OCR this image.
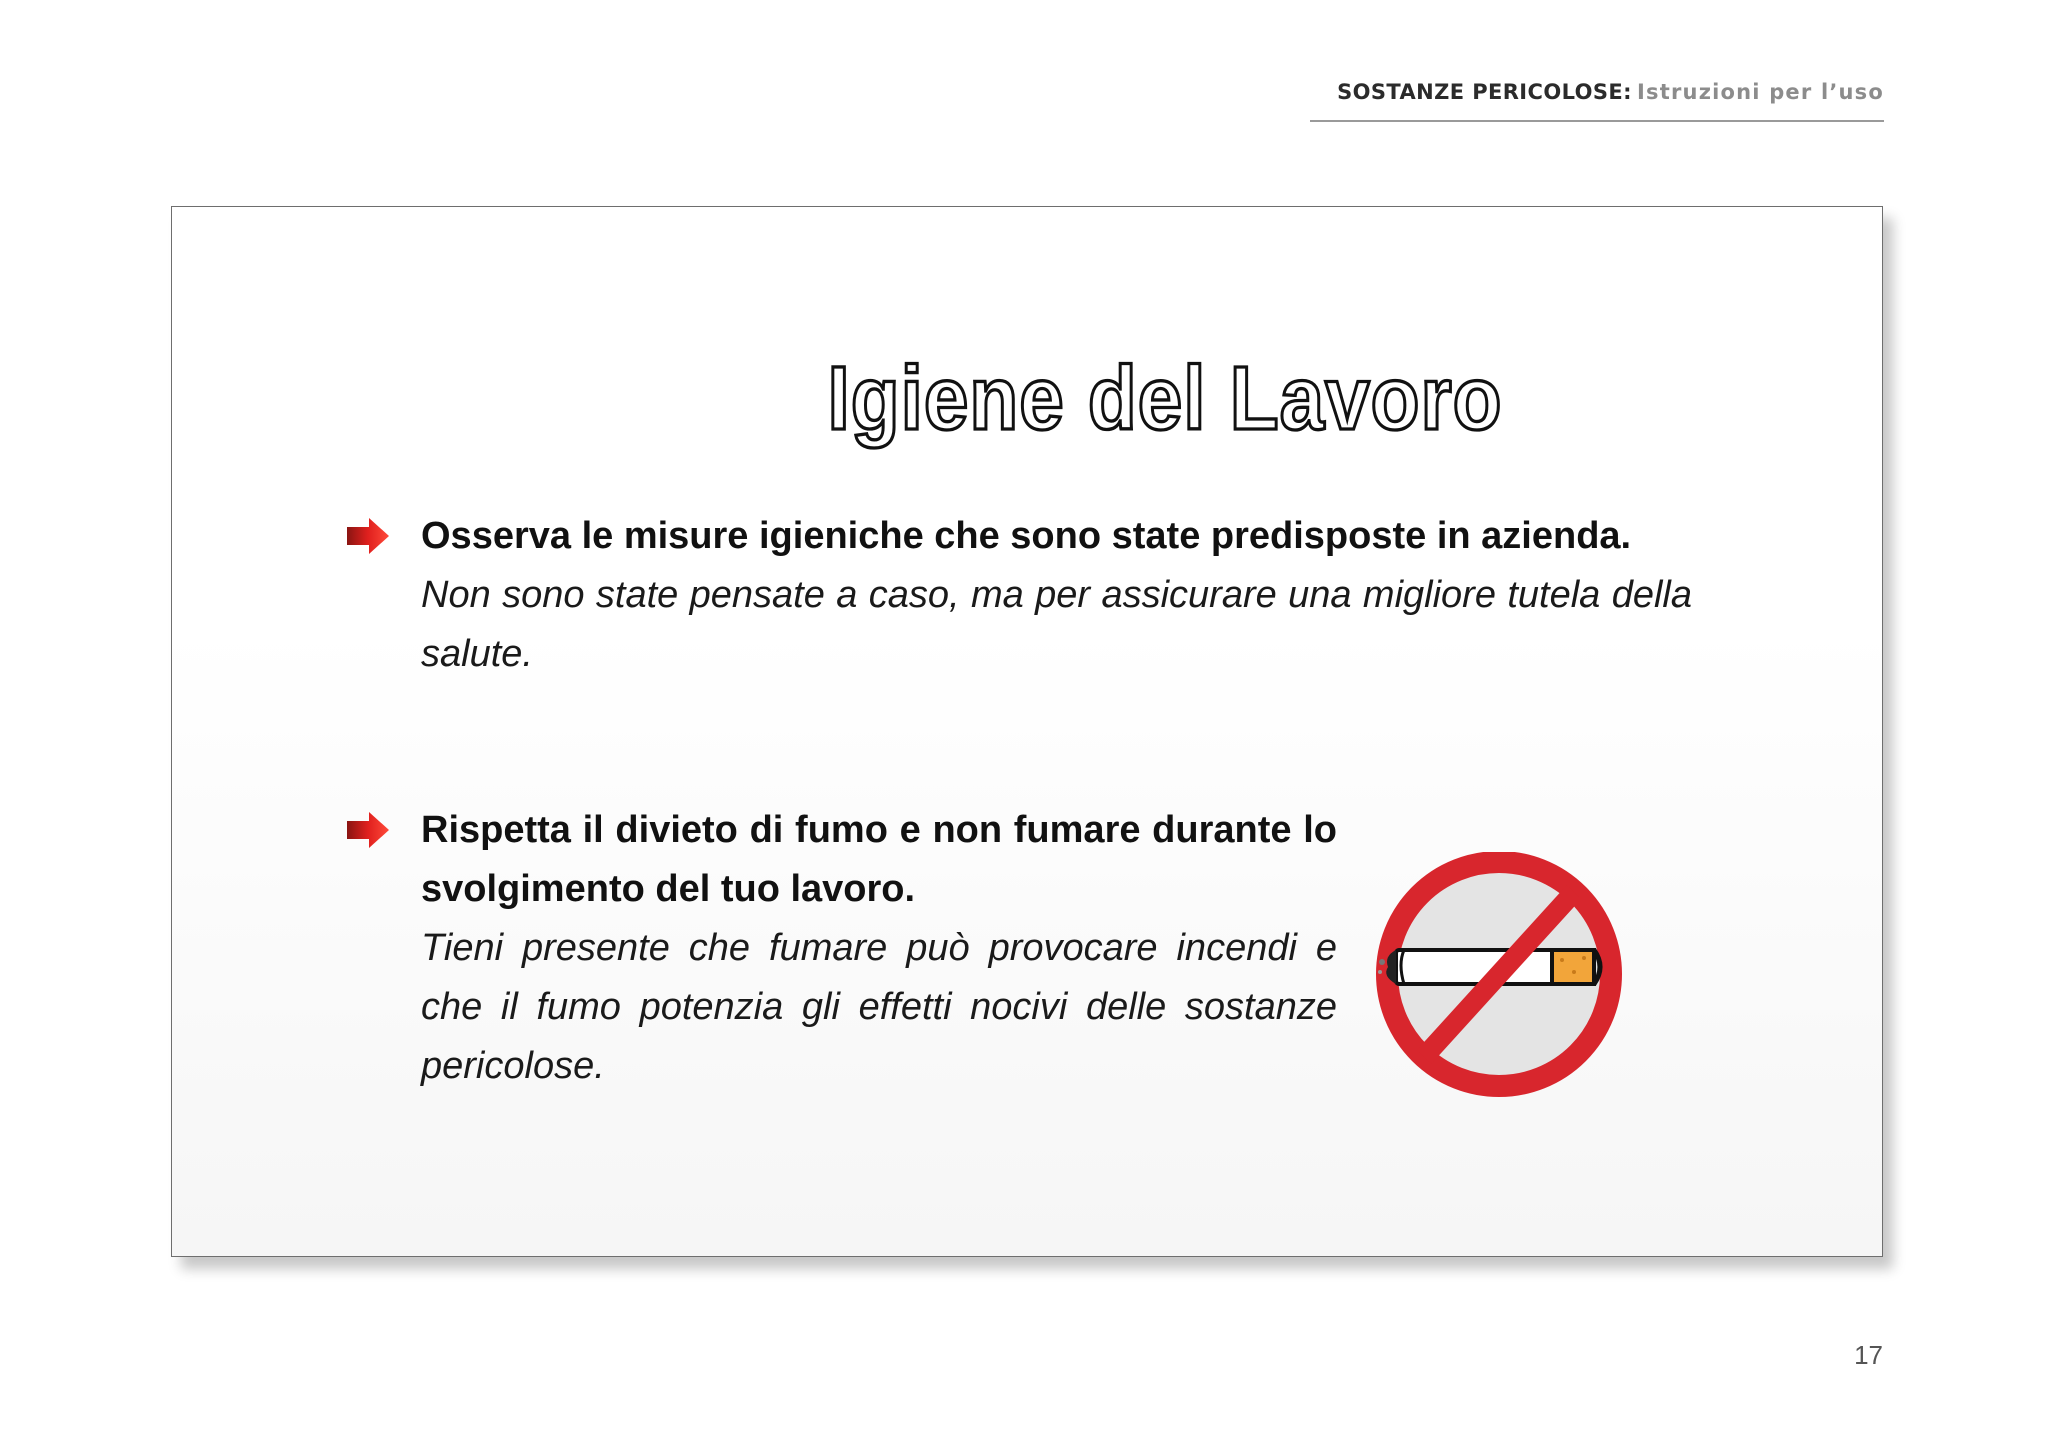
SOSTANZE PERICOLOSE: Istruzioni per l’uso
Igiene del Lavoro
Osserva le misure igieniche che sono state predisposte in azienda.
Non sono state pensate a caso, ma per assicurare una migliore tutela della salute.
Rispetta il divieto di fumo e non fumare durante lo svolgimento del tuo lavoro.
Tieni presente che fumare può provocare incendi e che il fumo potenzia gli effetti nocivi delle sostanze pericolose.
17
